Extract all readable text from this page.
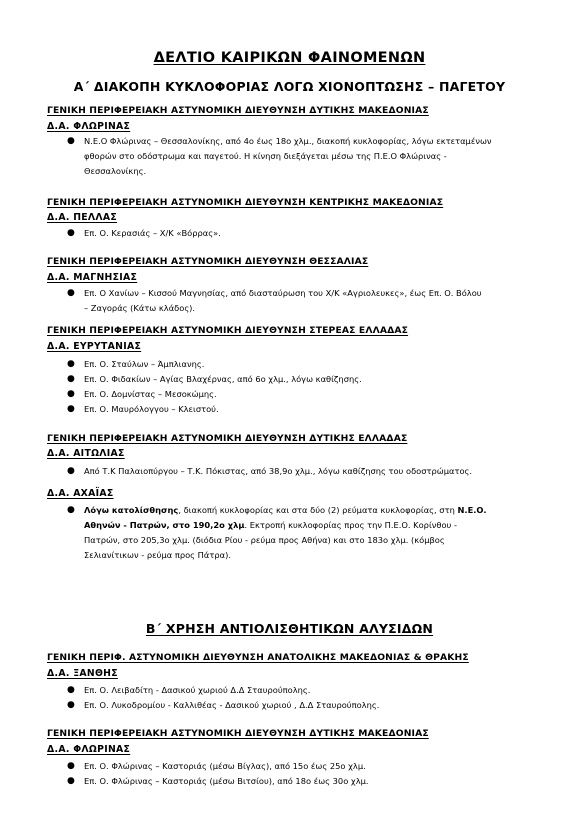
ΔΕΛΤΙΟ ΚΑΙΡΙΚΩΝ ΦΑΙΝΟΜΕΝΩΝ
Α΄ ΔΙΑΚΟΠΗ ΚΥΚΛΟΦΟΡΙΑΣ ΛΟΓΩ ΧΙΟΝΟΠΤΩΣΗΣ – ΠΑΓΕΤΟΥ
ΓΕΝΙΚΗ ΠΕΡΙΦΕΡΕΙΑΚΗ ΑΣΤΥΝΟΜΙΚΗ ΔΙΕΥΘΥΝΣΗ ΔΥΤΙΚΗΣ ΜΑΚΕΔΟΝΙΑΣ
Δ.Α. ΦΛΩΡΙΝΑΣ
● Ν.Ε.Ο Φλώρινας – Θεσσαλονίκης, από 4ο έως 18ο χλμ., διακοπή κυκλοφορίας, λόγω εκτεταμένων
φθορών στο οδόστρωμα και παγετού. Η κίνηση διεξάγεται μέσω της Π.Ε.Ο Φλώρινας -
Θεσσαλονίκης.
ΓΕΝΙΚΗ ΠΕΡΙΦΕΡΕΙΑΚΗ ΑΣΤΥΝΟΜΙΚΗ ΔΙΕΥΘΥΝΣΗ ΚΕΝΤΡΙΚΗΣ ΜΑΚΕΔΟΝΙΑΣ
Δ.Α. ΠΕΛΛΑΣ
● Επ. Ο. Κερασιάς – Χ/Κ «Βόρρας».
ΓΕΝΙΚΗ ΠΕΡΙΦΕΡΕΙΑΚΗ ΑΣΤΥΝΟΜΙΚΗ ΔΙΕΥΘΥΝΣΗ ΘΕΣΣΑΛΙΑΣ
Δ.Α. ΜΑΓΝΗΣΙΑΣ
● Επ. Ο Χανίων – Κισσού Μαγνησίας, από διασταύρωση του Χ/Κ «Αγριολευκες», έως Επ. Ο. Βόλου
– Ζαγοράς (Κάτω κλάδος).
ΓΕΝΙΚΗ ΠΕΡΙΦΕΡΕΙΑΚΗ ΑΣΤΥΝΟΜΙΚΗ ΔΙΕΥΘΥΝΣΗ ΣΤΕΡΕΑΣ ΕΛΛΑΔΑΣ
Δ.Α. ΕΥΡΥΤΑΝΙΑΣ
● Επ. Ο. Σταύλων – Άμπλιανης.
● Επ. Ο. Φιδακίων – Αγίας Βλαχέρνας, από 6ο χλμ., λόγω καθίζησης.
● Επ. Ο. Δομνίστας – Μεσοκώμης.
● Επ. Ο. Μαυρόλογγου – Κλειστού.
ΓΕΝΙΚΗ ΠΕΡΙΦΕΡΕΙΑΚΗ ΑΣΤΥΝΟΜΙΚΗ ΔΙΕΥΘΥΝΣΗ ΔΥΤΙΚΗΣ ΕΛΛΑΔΑΣ
Δ.Α. ΑΙΤΩΛΙΑΣ
● Από Τ.Κ Παλαιοπύργου – Τ.Κ. Πόκιστας, από 38,9ο χλμ., λόγω καθίζησης του οδοστρώματος.
Δ.Α. ΑΧΑΪΑΣ
● Λόγω κατολίσθησης, διακοπή κυκλοφορίας και στα δύο (2) ρεύματα κυκλοφορίας, στη Ν.Ε.Ο.
Αθηνών - Πατρών, στο 190,2ο χλμ. Εκτροπή κυκλοφορίας προς την Π.Ε.Ο. Κορίνθου -
Πατρών, στο 205,3ο χλμ. (διόδια Ρίου - ρεύμα προς Αθήνα) και στο 183ο χλμ. (κόμβος
Σελιανίτικων - ρεύμα προς Πάτρα).
Β΄ ΧΡΗΣΗ ΑΝΤΙΟΛΙΣΘΗΤΙΚΩΝ ΑΛΥΣΙΔΩΝ
ΓΕΝΙΚΗ ΠΕΡΙΦ. ΑΣΤΥΝΟΜΙΚΗ ΔΙΕΥΘΥΝΣΗ ΑΝΑΤΟΛΙΚΗΣ ΜΑΚΕΔΟΝΙΑΣ & ΘΡΑΚΗΣ
Δ.Α. ΞΑΝΘΗΣ
● Επ. Ο. Λειβαδίτη - Δασικού χωριού Δ.Δ Σταυρούπολης.
● Επ. Ο. Λυκοδρομίου - Καλλιθέας - Δασικού χωριού , Δ.Δ Σταυρούπολης.
ΓΕΝΙΚΗ ΠΕΡΙΦΕΡΕΙΑΚΗ ΑΣΤΥΝΟΜΙΚΗ ΔΙΕΥΘΥΝΣΗ ΔΥΤΙΚΗΣ ΜΑΚΕΔΟΝΙΑΣ
Δ.Α. ΦΛΩΡΙΝΑΣ
● Επ. Ο. Φλώρινας – Καστοριάς (μέσω Βίγλας), από 15ο έως 25ο χλμ.
● Επ. Ο. Φλώρινας – Καστοριάς (μέσω Βιτσίου), από 18ο έως 30ο χλμ.
